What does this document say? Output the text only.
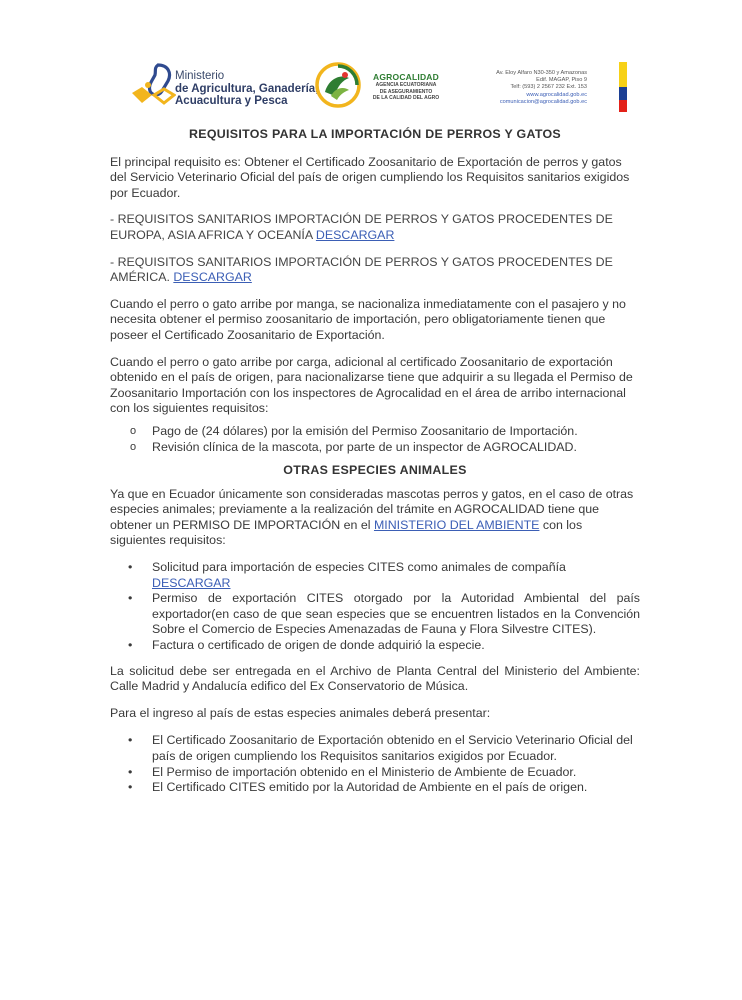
Ministerio
de Agricultura, Ganadería,
Acuacultura y Pesca
AGROCALIDAD
AGENCIA ECUATORIANA
DE ASEGURAMIENTO
DE LA CALIDAD DEL AGRO
Av. Eloy Alfaro N30-350 y Amazonas
Edif. MAGAP, Piso 9
Telf: (593) 2 2567 232 Ext. 153
www.agrocalidad.gob.ec
comunicacion@agrocalidad.gob.ec
REQUISITOS PARA LA IMPORTACIÓN DE PERROS Y GATOS

El principal requisito es: Obtener el Certificado Zoosanitario de Exportación de perros y gatos del Servicio Veterinario Oficial del país de origen cumpliendo los Requisitos sanitarios exigidos por Ecuador.

- REQUISITOS SANITARIOS IMPORTACIÓN DE PERROS Y GATOS PROCEDENTES DE EUROPA, ASIA AFRICA Y OCEANÍA DESCARGAR

- REQUISITOS SANITARIOS IMPORTACIÓN DE PERROS Y GATOS PROCEDENTES DE AMÉRICA. DESCARGAR

Cuando el perro o gato arribe por manga, se nacionaliza inmediatamente con el pasajero y no necesita obtener el permiso zoosanitario de importación, pero obligatoriamente tienen que poseer el Certificado Zoosanitario de Exportación.

Cuando el perro o gato arribe por carga, adicional al certificado Zoosanitario de exportación obtenido en el país de origen, para nacionalizarse tiene que adquirir a su llegada el Permiso de Zoosanitario Importación con los inspectores de Agrocalidad en el área de arribo internacional con los siguientes requisitos:

o Pago de (24 dólares) por la emisión del Permiso Zoosanitario de Importación.
o Revisión clínica de la mascota, por parte de un inspector de AGROCALIDAD.
OTRAS ESPECIES ANIMALES

Ya que en Ecuador únicamente son consideradas mascotas perros y gatos, en el caso de otras especies animales; previamente a la realización del trámite en AGROCALIDAD tiene que obtener un PERMISO DE IMPORTACIÓN en el MINISTERIO DEL AMBIENTE con los siguientes requisitos:

• Solicitud para importación de especies CITES como animales de compañía
DESCARGAR
• Permiso de exportación CITES otorgado por la Autoridad Ambiental del país exportador(en caso de que sean especies que se encuentren listados en la Convención Sobre el Comercio de Especies Amenazadas de Fauna y Flora Silvestre CITES).
• Factura o certificado de origen de donde adquirió la especie.

La solicitud debe ser entregada en el Archivo de Planta Central del Ministerio del Ambiente: Calle Madrid y Andalucía edifico del Ex Conservatorio de Música.

Para el ingreso al país de estas especies animales deberá presentar:

• El Certificado Zoosanitario de Exportación obtenido en el Servicio Veterinario Oficial del país de origen cumpliendo los Requisitos sanitarios exigidos por Ecuador.
• El Permiso de importación obtenido en el Ministerio de Ambiente de Ecuador.
• El Certificado CITES emitido por la Autoridad de Ambiente en el país de origen.
